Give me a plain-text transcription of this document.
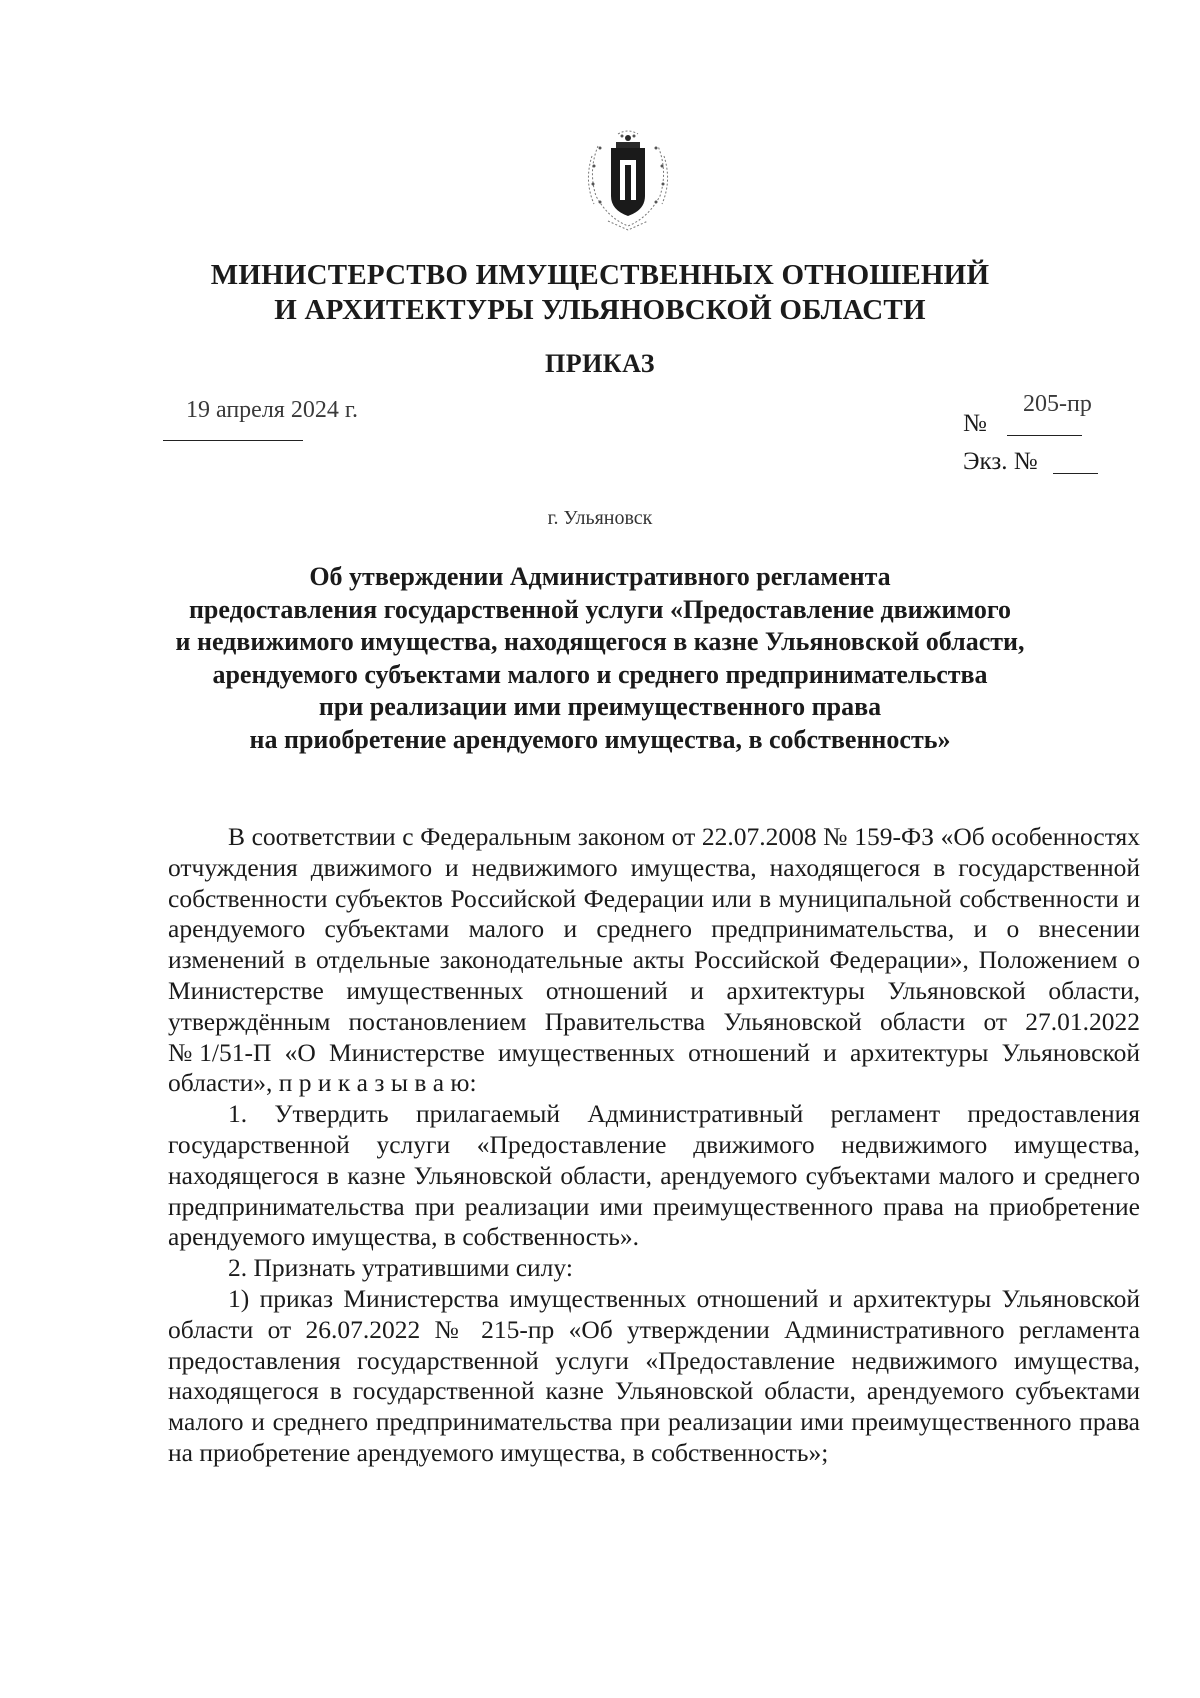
МИНИСТЕРСТВО ИМУЩЕСТВЕННЫХ ОТНОШЕНИЙ
И АРХИТЕКТУРЫ УЛЬЯНОВСКОЙ ОБЛАСТИ
ПРИКАЗ
19 апреля 2024 г.	№
205-пр
Экз. №
г. Ульяновск
Об утверждении Административного регламента
предоставления государственной услуги «Предоставление движимого
и недвижимого имущества, находящегося в казне Ульяновской области,
арендуемого субъектами малого и среднего предпринимательства
при реализации ими преимущественного права
на приобретение арендуемого имущества, в собственность»

В соответствии с Федеральным законом от 22.07.2008 № 159-ФЗ «Об особенностях отчуждения движимого и недвижимого имущества, находящегося в государственной собственности субъектов Российской Федерации или в муниципальной собственности и арендуемого субъектами малого и среднего предпринимательства, и о внесении изменений в отдельные законодательные акты Российской Федерации», Положением о Министерстве имущественных отношений и архитектуры Ульяновской области, утверждённым постановлением Правительства Ульяновской области от 27.01.2022 №1/51-П «О Министерстве имущественных отношений и архитектуры Ульяновской области», п р и к а з ы в а ю:

1. Утвердить прилагаемый Административный регламент предоставления государственной услуги «Предоставление движимого недвижимого имущества, находящегося в казне Ульяновской области, арендуемого субъектами малого и среднего предпринимательства при реализации ими преимущественного права на приобретение арендуемого имущества, в собственность».

2. Признать утратившими силу:

1) приказ Министерства имущественных отношений и архитектуры Ульяновской области от 26.07.2022 № 215-пр «Об утверждении Административного регламента предоставления государственной услуги «Предоставление недвижимого имущества, находящегося в государственной казне Ульяновской области, арендуемого субъектами малого и среднего предпринимательства при реализации ими преимущественного права на приобретение арендуемого имущества, в собственность»;
